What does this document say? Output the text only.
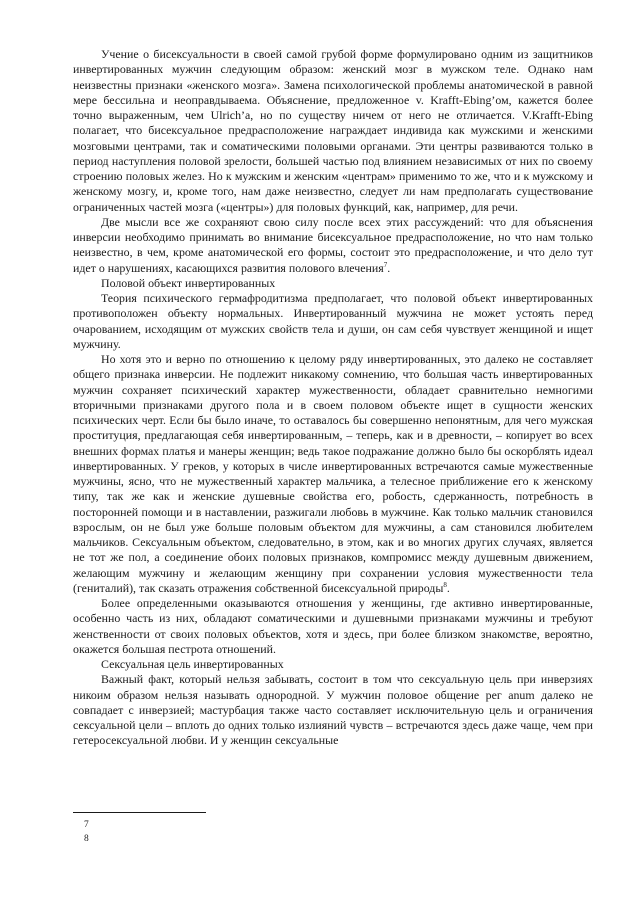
Учение о бисексуальности в своей самой грубой форме формулировано одним из защитников инвертированных мужчин следующим образом: женский мозг в мужском теле. Однако нам неизвестны признаки «женского мозга». Замена психологической проблемы анатомической в равной мере бессильна и неоправдываема. Объяснение, предложенное v. Krafft-Ebing’ом, кажется более точно выраженным, чем Ulrich’a, но по существу ничем от него не отличается. V.Krafft-Ebing полагает, что бисексуальное предрасположение награждает индивида как мужскими и женскими мозговыми центрами, так и соматическими половыми органами. Эти центры развиваются только в период наступления половой зрелости, большей частью под влиянием независимых от них по своему строению половых желез. Но к мужским и женским «центрам» применимо то же, что и к мужскому и женскому мозгу, и, кроме того, нам даже неизвестно, следует ли нам предполагать существование ограниченных частей мозга («центры») для половых функций, как, например, для речи.

Две мысли все же сохраняют свою силу после всех этих рассуждений: что для объяснения инверсии необходимо принимать во внимание бисексуальное предрасположение, но что нам только неизвестно, в чем, кроме анатомической его формы, состоит это предрасположение, и что дело тут идет о нарушениях, касающихся развития полового влечения$^7$.

Половой объект инвертированных

Теория психического гермафродитизма предполагает, что половой объект инвертированных противоположен объекту нормальных. Инвертированный мужчина не может устоять перед очарованием, исходящим от мужских свойств тела и души, он сам себя чувствует женщиной и ищет мужчину.

Но хотя это и верно по отношению к целому ряду инвертированных, это далеко не составляет общего признака инверсии. Не подлежит никакому сомнению, что большая часть инвертированных мужчин сохраняет психический характер мужественности, обладает сравнительно немногими вторичными признаками другого пола и в своем половом объекте ищет в сущности женских психических черт. Если бы было иначе, то оставалось бы совершенно непонятным, для чего мужская проституция, предлагающая себя инвертированным, – теперь, как и в древности, – копирует во всех внешних формах платья и манеры женщин; ведь такое подражание должно было бы оскорблять идеал инвертированных. У греков, у которых в числе инвертированных встречаются самые мужественные мужчины, ясно, что не мужественный характер мальчика, а телесное приближение его к женскому типу, так же как и женские душевные свойства его, робость, сдержанность, потребность в посторонней помощи и в наставлении, разжигали любовь в мужчине. Как только мальчик становился взрослым, он не был уже больше половым объектом для мужчины, а сам становился любителем мальчиков. Сексуальным объектом, следовательно, в этом, как и во многих других случаях, является не тот же пол, а соединение обоих половых признаков, компромисс между душевным движением, желающим мужчину и желающим женщину при сохранении условия мужественности тела (гениталий), так сказать отражения собственной бисексуальной природы$^8$.

Более определенными оказываются отношения у женщины, где активно инвертированные, особенно часть из них, обладают соматическими и душевными признаками мужчины и требуют женственности от своих половых объектов, хотя и здесь, при более близком знакомстве, вероятно, окажется большая пестрота отношений.

Сексуальная цель инвертированных

Важный факт, который нельзя забывать, состоит в том что сексуальную цель при инверзиях никоим образом нельзя называть однородной. У мужчин половое общение рег anum далеко не совпадает с инверзией; мастурбация также часто составляет исключительную цель и ограничения сексуальной цели – вплоть до одних только излияний чувств – встречаются здесь даже чаще, чем при гетеросексуальной любви. И у женщин сексуальные

7
8
